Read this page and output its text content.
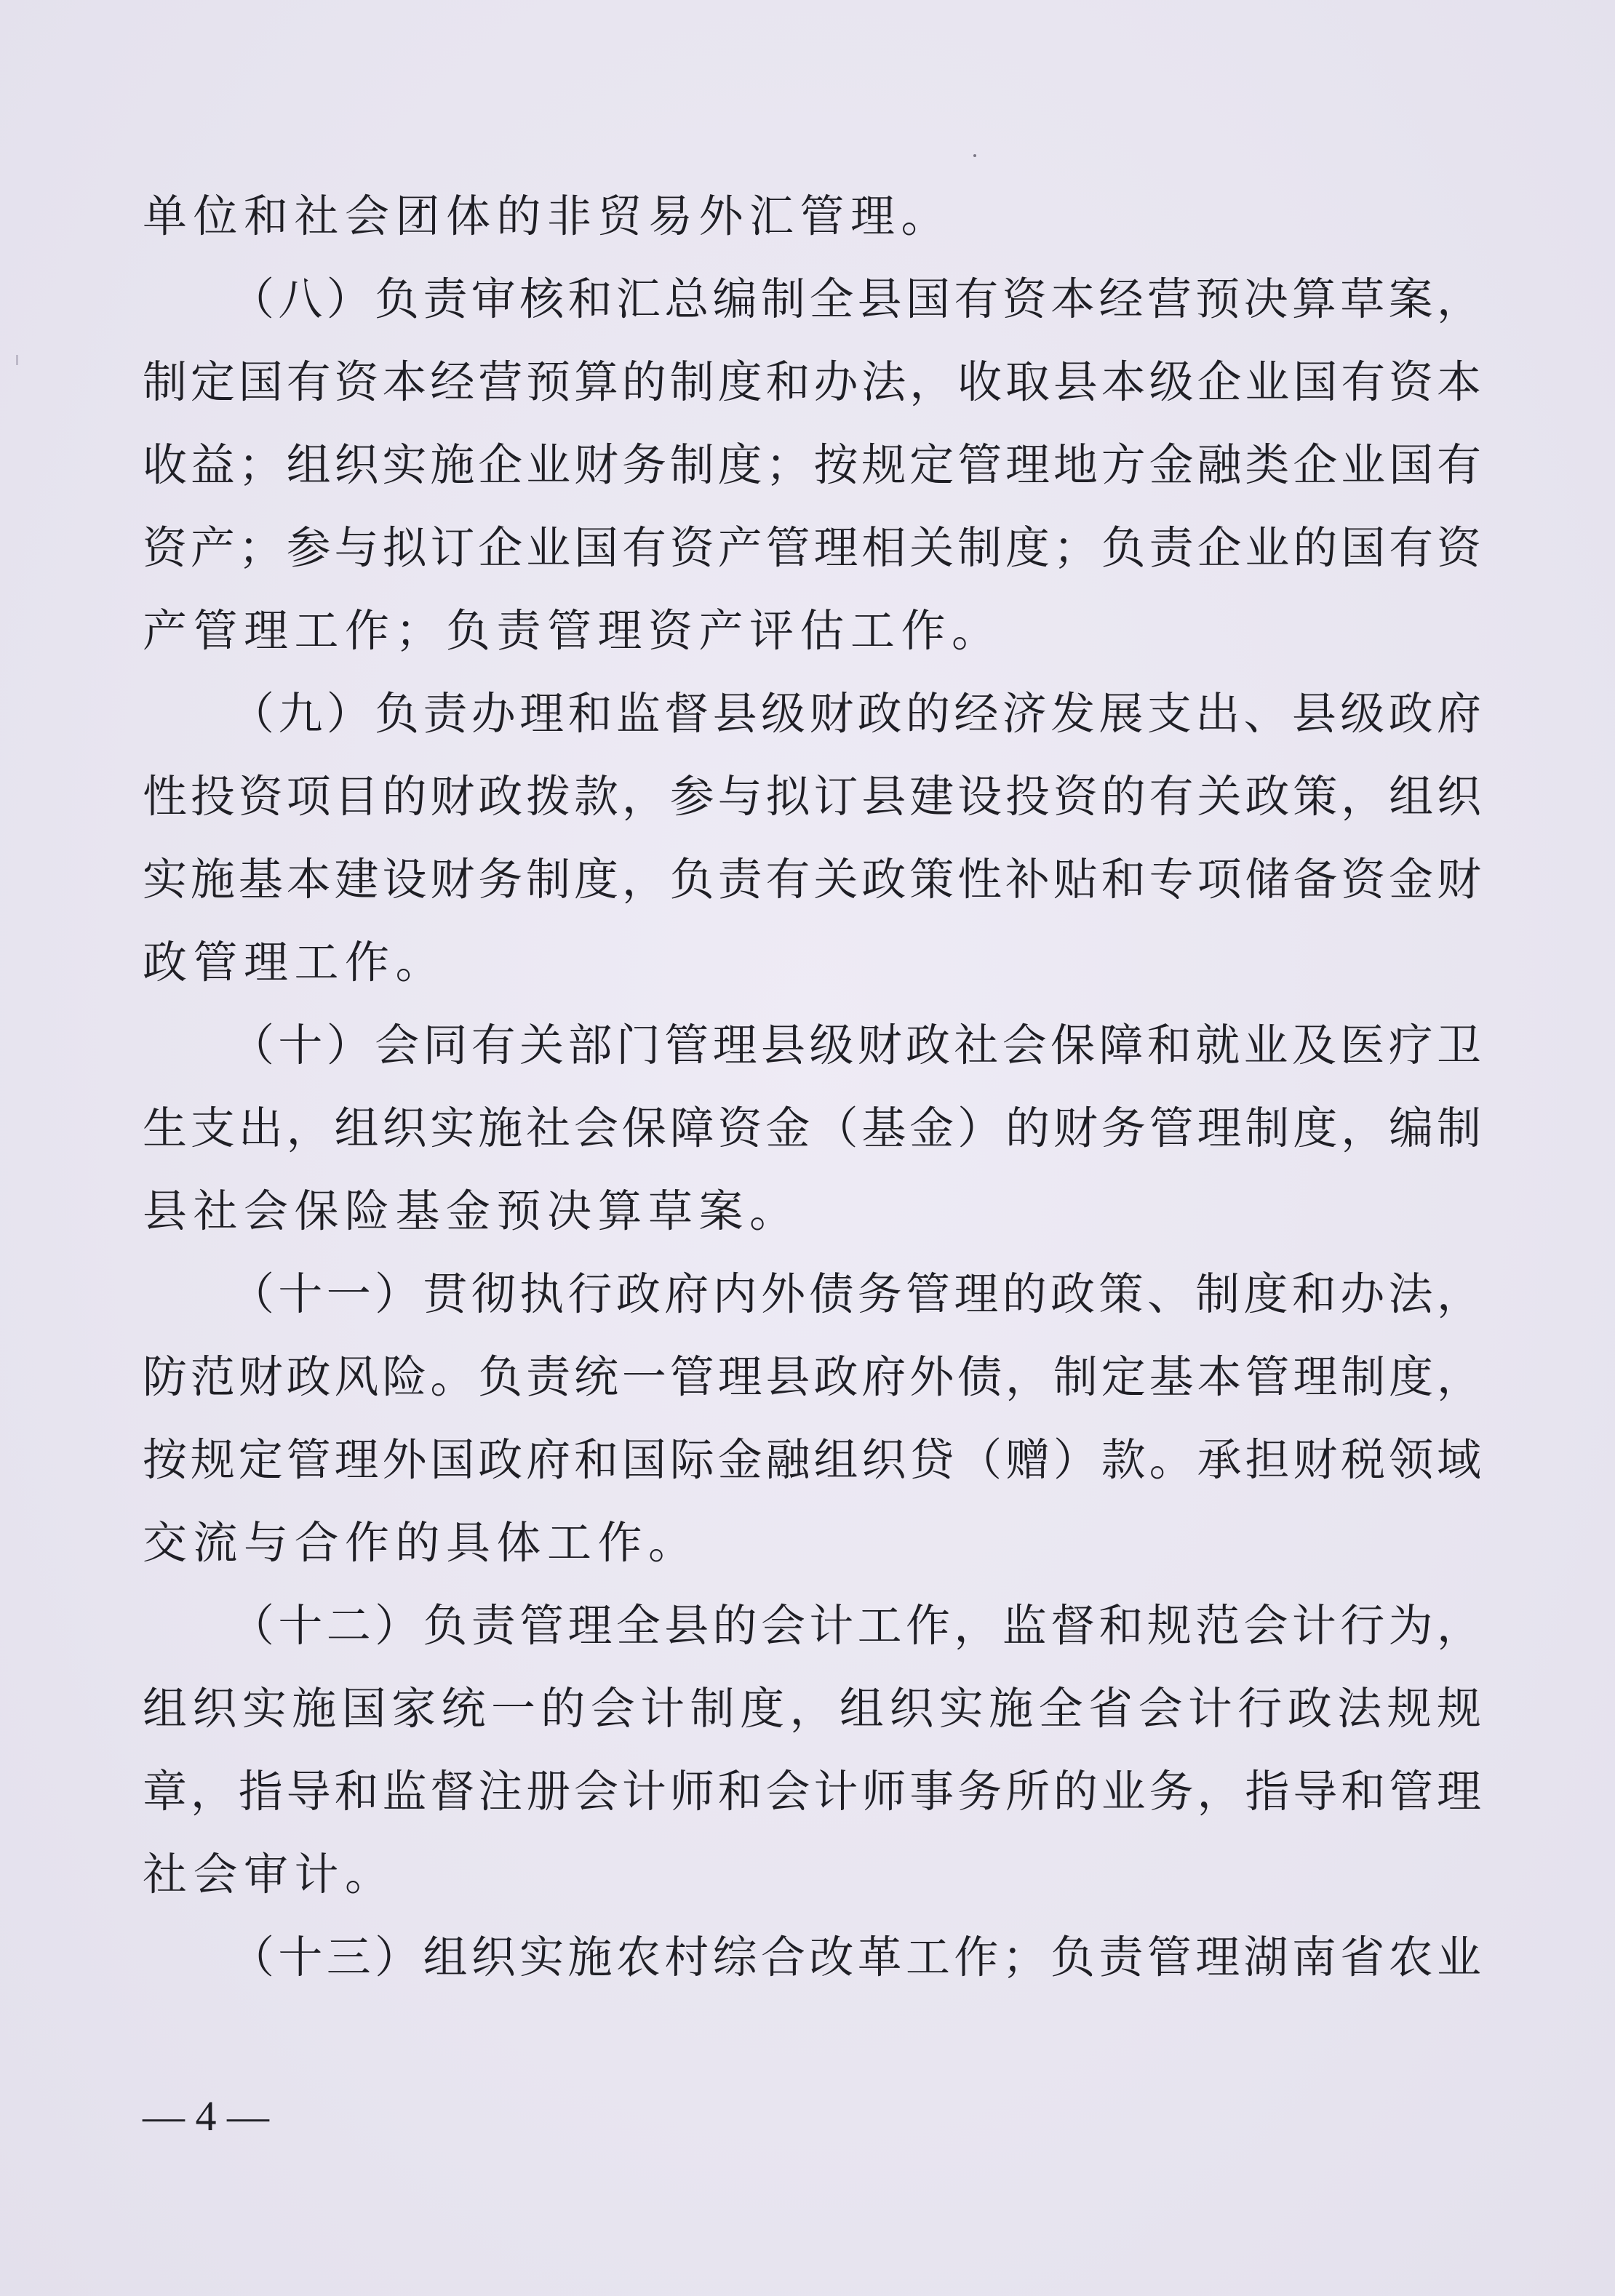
单位和社会团体的非贸易外汇管理。
（八）负责审核和汇总编制全县国有资本经营预决算草案，
制定国有资本经营预算的制度和办法，收取县本级企业国有资本
收益；组织实施企业财务制度；按规定管理地方金融类企业国有
资产；参与拟订企业国有资产管理相关制度；负责企业的国有资
产管理工作；负责管理资产评估工作。
（九）负责办理和监督县级财政的经济发展支出、县级政府
性投资项目的财政拨款，参与拟订县建设投资的有关政策，组织
实施基本建设财务制度，负责有关政策性补贴和专项储备资金财
政管理工作。
（十）会同有关部门管理县级财政社会保障和就业及医疗卫
生支出，组织实施社会保障资金（基金）的财务管理制度，编制
县社会保险基金预决算草案。
（十一）贯彻执行政府内外债务管理的政策、制度和办法，
防范财政风险。负责统一管理县政府外债，制定基本管理制度，
按规定管理外国政府和国际金融组织贷（赠）款。承担财税领域
交流与合作的具体工作。
（十二）负责管理全县的会计工作，监督和规范会计行为，
组织实施国家统一的会计制度，组织实施全省会计行政法规规
章，指导和监督注册会计师和会计师事务所的业务，指导和管理
社会审计。
（十三）组织实施农村综合改革工作；负责管理湖南省农业
— 4 —
